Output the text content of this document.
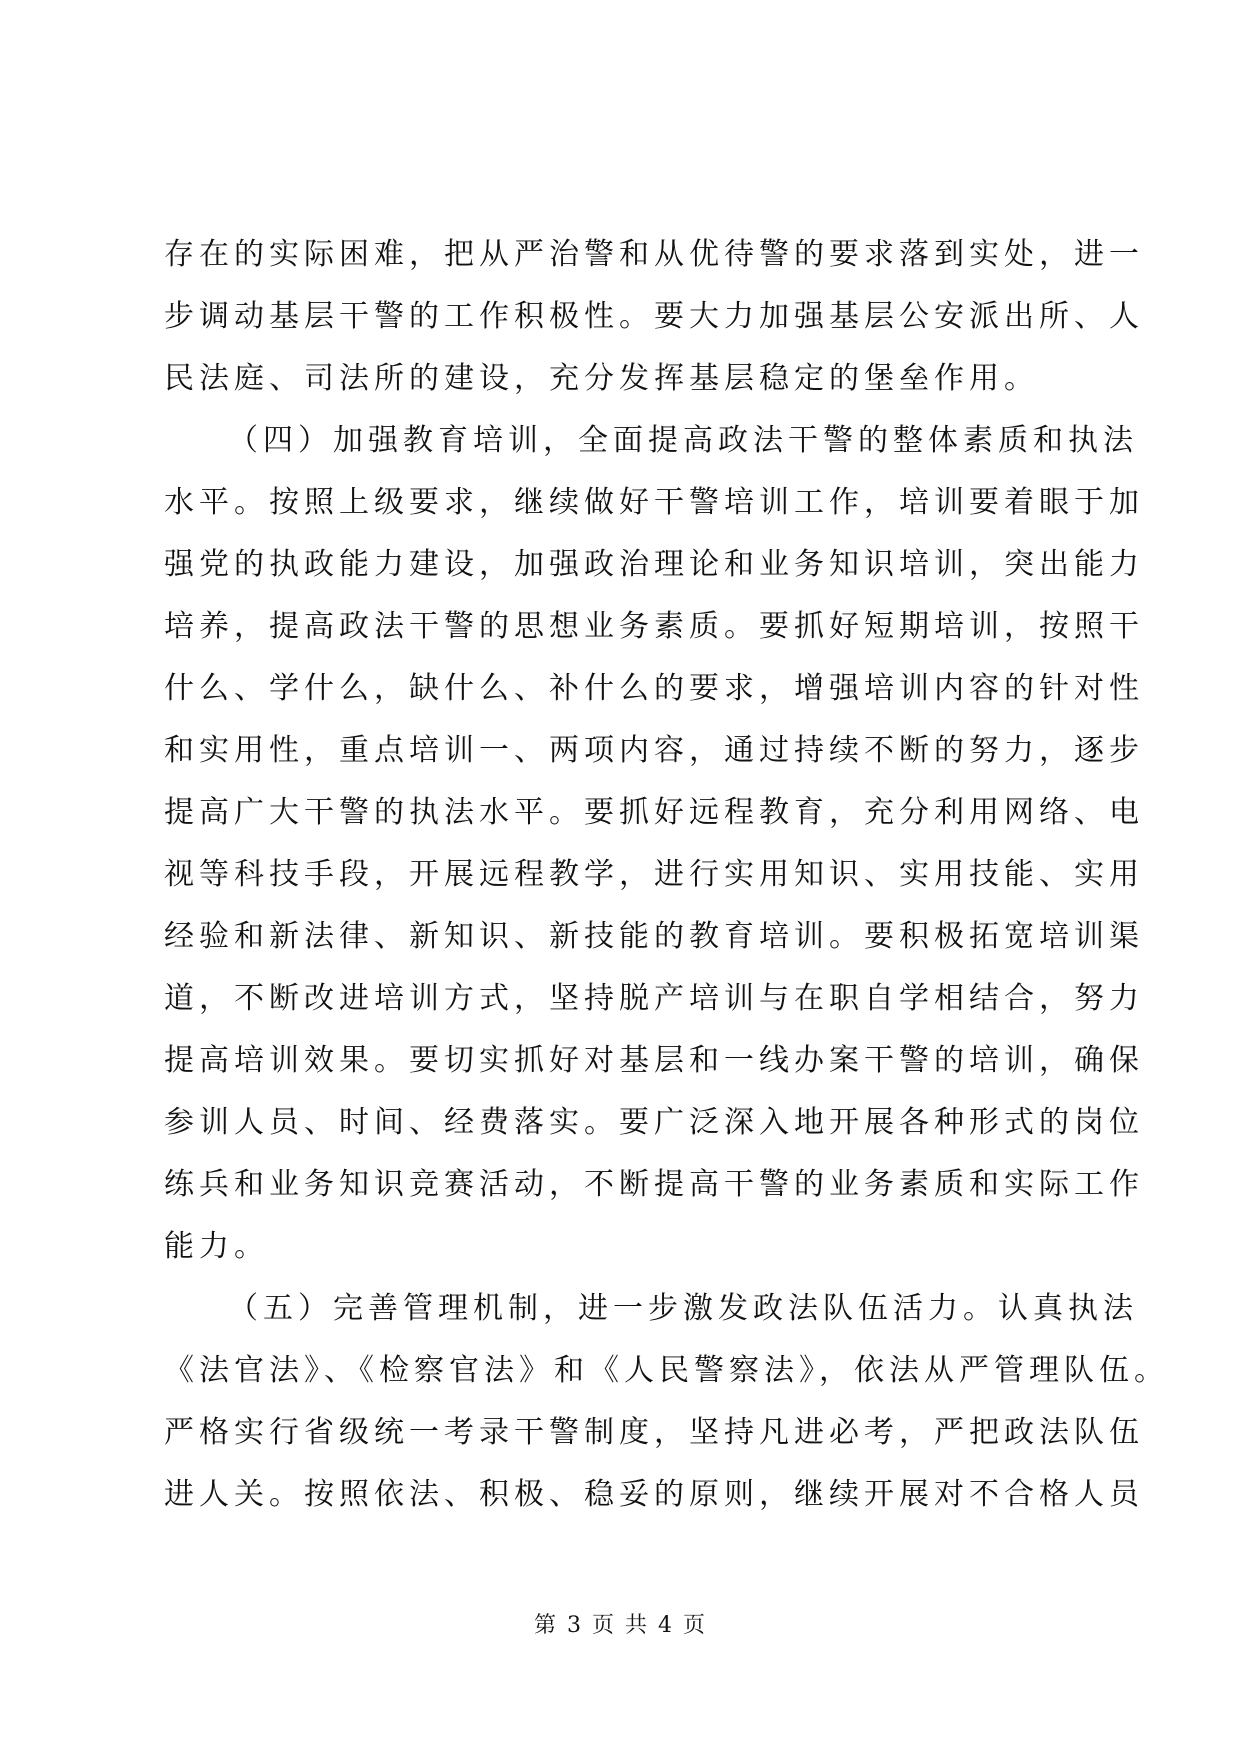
存在的实际困难，把从严治警和从优待警的要求落到实处，进一
步调动基层干警的工作积极性。要大力加强基层公安派出所、人
民法庭、司法所的建设，充分发挥基层稳定的堡垒作用。
（四）加强教育培训，全面提高政法干警的整体素质和执法
水平。按照上级要求，继续做好干警培训工作，培训要着眼于加
强党的执政能力建设，加强政治理论和业务知识培训，突出能力
培养，提高政法干警的思想业务素质。要抓好短期培训，按照干
什么、学什么，缺什么、补什么的要求，增强培训内容的针对性
和实用性，重点培训一、两项内容，通过持续不断的努力，逐步
提高广大干警的执法水平。要抓好远程教育，充分利用网络、电
视等科技手段，开展远程教学，进行实用知识、实用技能、实用
经验和新法律、新知识、新技能的教育培训。要积极拓宽培训渠
道，不断改进培训方式，坚持脱产培训与在职自学相结合，努力
提高培训效果。要切实抓好对基层和一线办案干警的培训，确保
参训人员、时间、经费落实。要广泛深入地开展各种形式的岗位
练兵和业务知识竞赛活动，不断提高干警的业务素质和实际工作
能力。
（五）完善管理机制，进一步激发政法队伍活力。认真执法
《法官法》、《检察官法》和《人民警察法》，依法从严管理队伍。
严格实行省级统一考录干警制度，坚持凡进必考，严把政法队伍
进人关。按照依法、积极、稳妥的原则，继续开展对不合格人员
第 3 页 共 4 页
